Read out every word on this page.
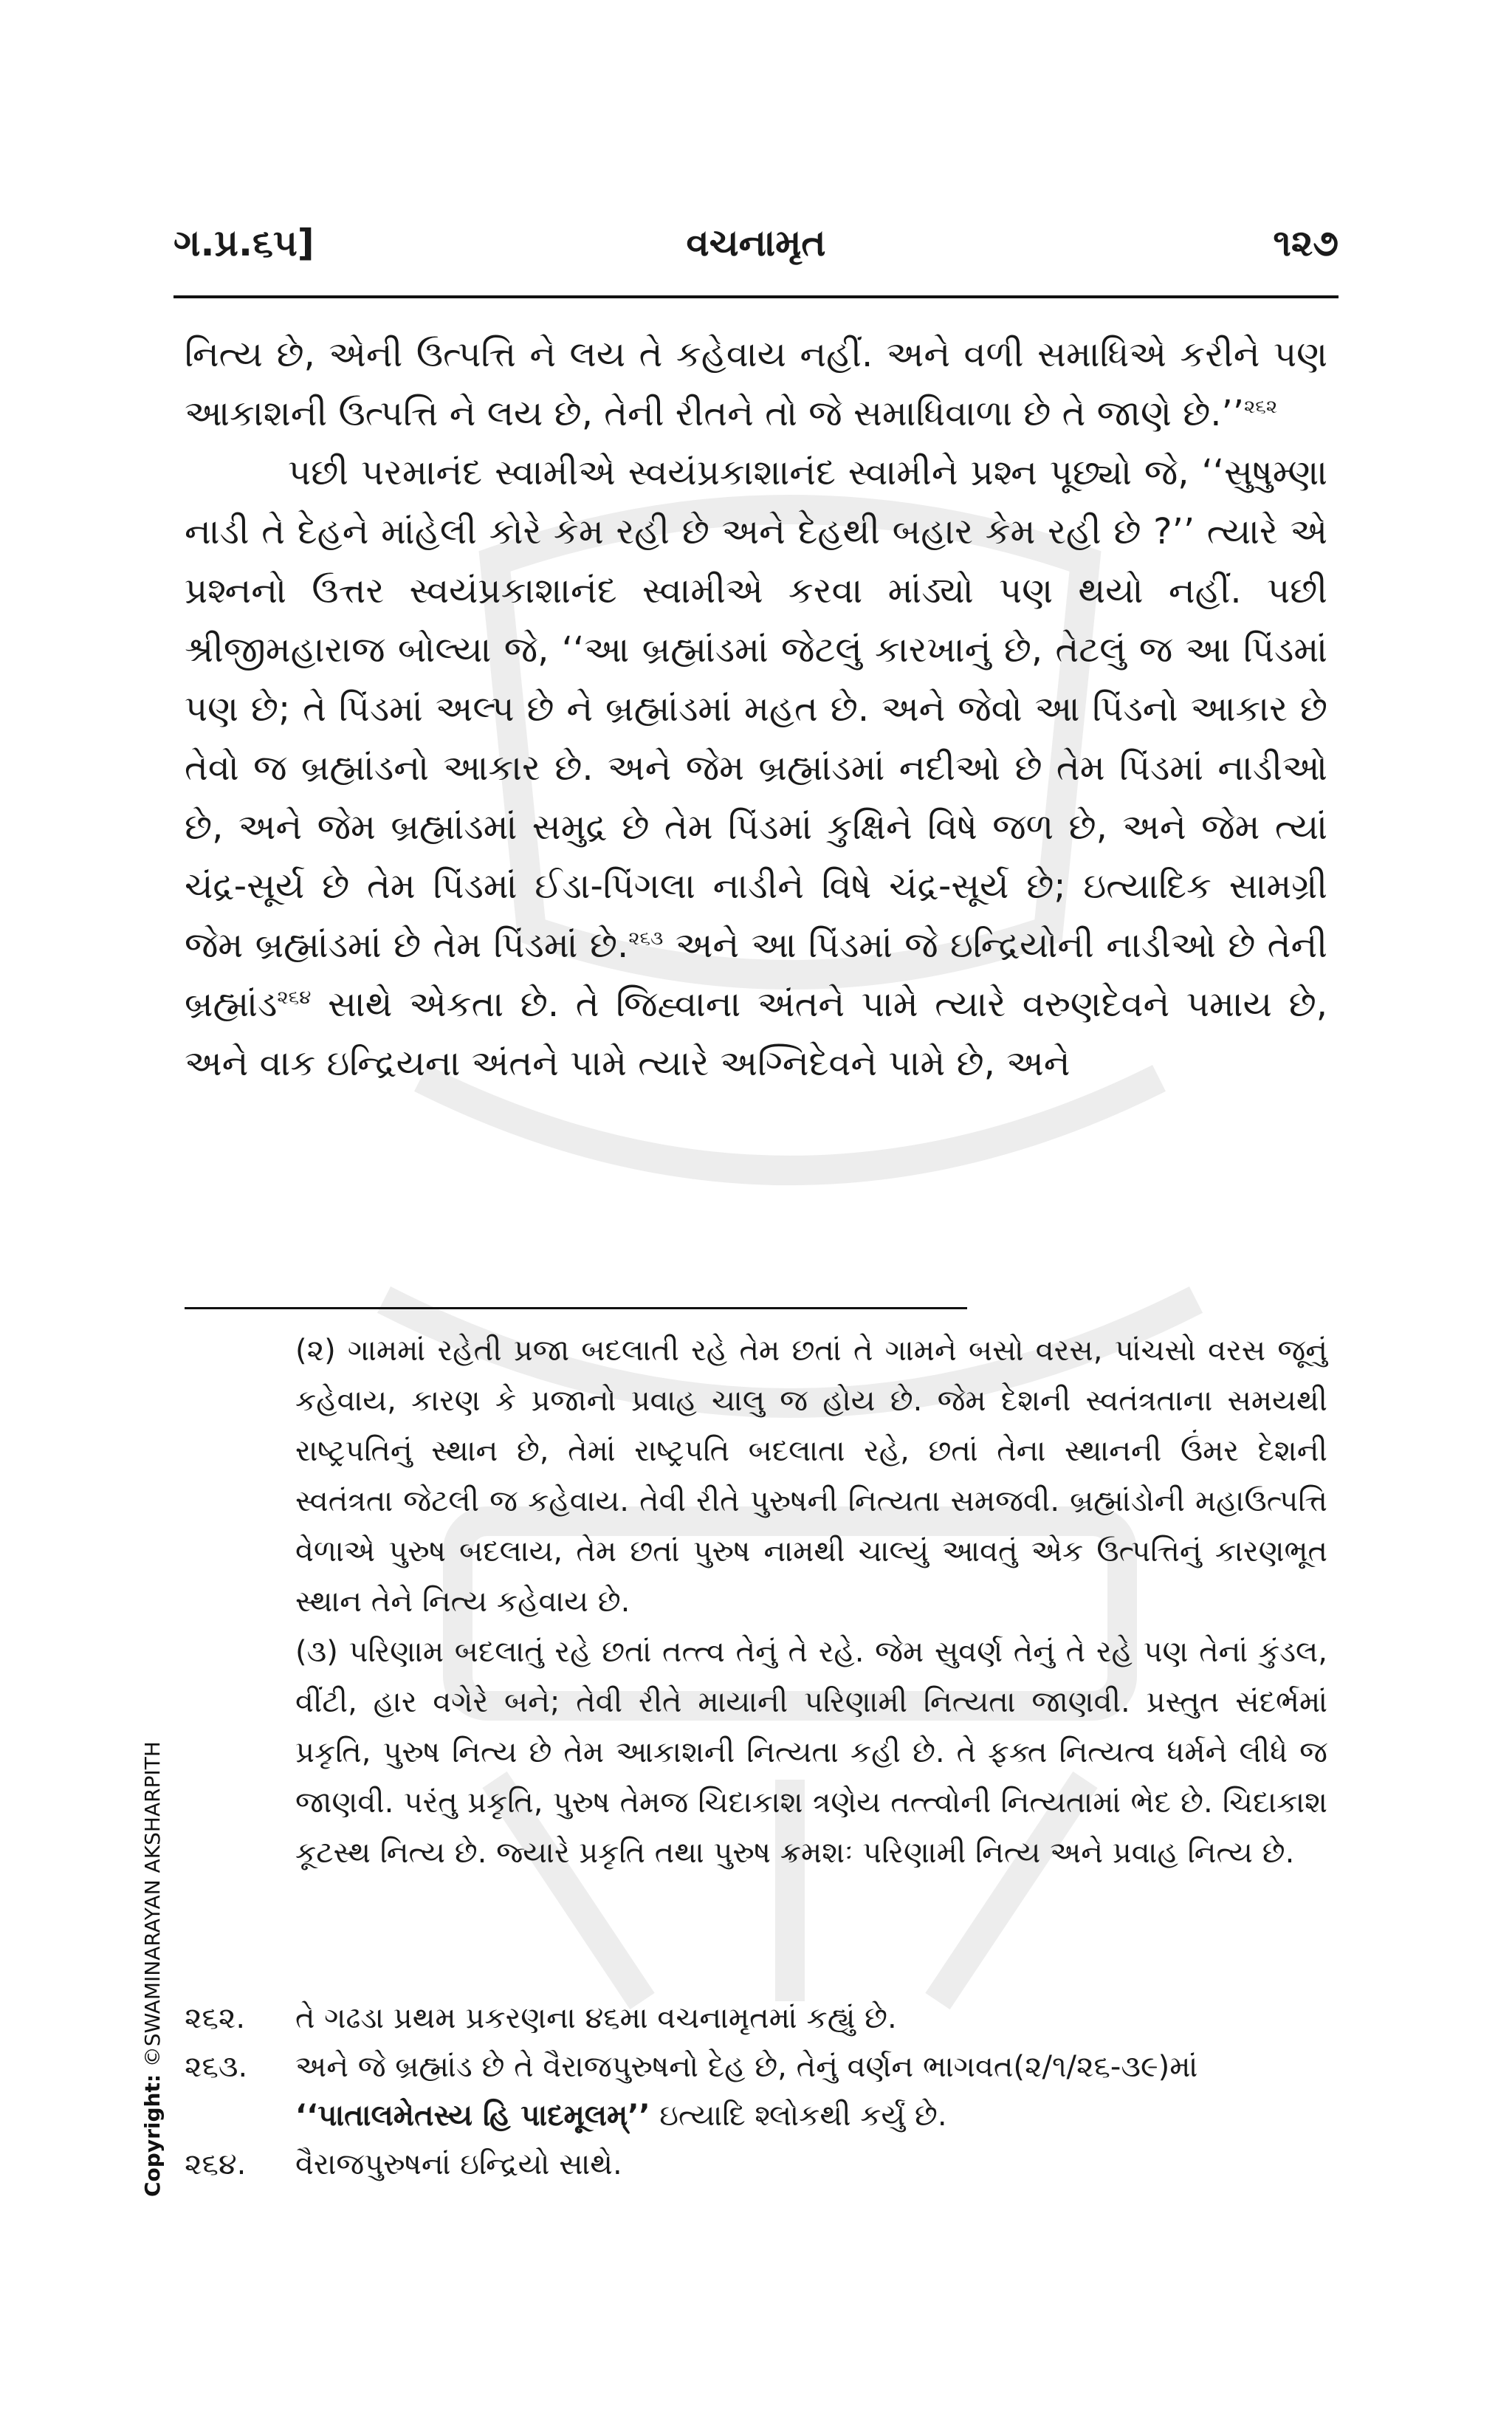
ગ.પ્ર.૬૫]	વચનામૃત	૧૨૭

નિત્ય છે, એની ઉત્પત્તિ ને લય તે કહેવાય નહીં. અને વળી સમાધિએ કરીને પણ આકાશની ઉત્પત્તિ ને લય છે, તેની રીતને તો જે સમાધિવાળા છે તે જાણે છે.’’$^{૨૬૨}$

પછી પરમાનંદ સ્વામીએ સ્વયંપ્રકાશાનંદ સ્વામીને પ્રશ્ન પૂછ્યો જે, ‘‘સુષુમ્ણા નાડી તે દેહને માંહેલી કોરે કેમ રહી છે અને દેહથી બહાર કેમ રહી છે ?’’ ત્યારે એ પ્રશ્નનો ઉત્તર સ્વયંપ્રકાશાનંદ સ્વામીએ કરવા માંડ્યો પણ થયો નહીં. પછી શ્રીજીમહારાજ બોલ્યા જે, ‘‘આ બ્રહ્માંડમાં જેટલું કારખાનું છે, તેટલું જ આ પિંડમાં પણ છે; તે પિંડમાં અલ્પ છે ને બ્રહ્માંડમાં મહત છે. અને જેવો આ પિંડનો આકાર છે તેવો જ બ્રહ્માંડનો આકાર છે. અને જેમ બ્રહ્માંડમાં નદીઓ છે તેમ પિંડમાં નાડીઓ છે, અને જેમ બ્રહ્માંડમાં સમુદ્ર છે તેમ પિંડમાં કુક્ષિને વિષે જળ છે, અને જેમ ત્યાં ચંદ્ર-સૂર્ય છે તેમ પિંડમાં ઈડા-પિંગલા નાડીને વિષે ચંદ્ર-સૂર્ય છે; ઇત્યાદિક સામગ્રી જેમ બ્રહ્માંડમાં છે તેમ પિંડમાં છે.$^{૨૬૩}$ અને આ પિંડમાં જે ઇન્દ્રિયોની નાડીઓ છે તેની બ્રહ્માંડ$^{૨૬૪}$ સાથે એકતા છે. તે જિહ્વાના અંતને પામે ત્યારે વરુણદેવને પમાય છે, અને વાક ઇન્દ્રિયના અંતને પામે ત્યારે અગ્નિદેવને પામે છે, અને

(૨) ગામમાં રહેતી પ્રજા બદલાતી રહે તેમ છતાં તે ગામને બસો વરસ, પાંચસો વરસ જૂનું કહેવાય, કારણ કે પ્રજાનો પ્રવાહ ચાલુ જ હોય છે. જેમ દેશની સ્વતંત્રતાના સમયથી રાષ્ટ્રપતિનું સ્થાન છે, તેમાં રાષ્ટ્રપતિ બદલાતા રહે, છતાં તેના સ્થાનની ઉંમર દેશની સ્વતંત્રતા જેટલી જ કહેવાય. તેવી રીતે પુરુષની નિત્યતા સમજવી. બ્રહ્માંડોની મહાઉત્પત્તિ વેળાએ પુરુષ બદલાય, તેમ છતાં પુરુષ નામથી ચાલ્યું આવતું એક ઉત્પત્તિનું કારણભૂત સ્થાન તેને નિત્ય કહેવાય છે.

(૩) પરિણામ બદલાતું રહે છતાં તત્ત્વ તેનું તે રહે. જેમ સુવર્ણ તેનું તે રહે પણ તેનાં કુંડલ, વીંટી, હાર વગેરે બને; તેવી રીતે માયાની પરિણામી નિત્યતા જાણવી. પ્રસ્તુત સંદર્ભમાં પ્રકૃતિ, પુરુષ નિત્ય છે તેમ આકાશની નિત્યતા કહી છે. તે ફક્ત નિત્યત્વ ધર્મને લીધે જ જાણવી. પરંતુ પ્રકૃતિ, પુરુષ તેમજ ચિદાકાશ ત્રણેય તત્ત્વોની નિત્યતામાં ભેદ છે. ચિદાકાશ કૂટસ્થ નિત્ય છે. જ્યારે પ્રકૃતિ તથા પુરુષ ક્રમશઃ પરિણામી નિત્ય અને પ્રવાહ નિત્ય છે.

૨૬૨.	તે ગઢડા પ્રથમ પ્રકરણના ૪૬મા વચનામૃતમાં કહ્યું છે.
૨૬૩.	અને જે બ્રહ્માંડ છે તે વૈરાજપુરુષનો દેહ છે, તેનું વર્ણન ભાગવત(૨/૧/૨૬-૩૯)માં ‘‘પાતાલમેતસ્ય હિ પાદમૂલમ્’’ ઇત્યાદિ શ્લોકથી કર્યું છે.
૨૬૪.	વૈરાજપુરુષનાં ઇન્દ્રિયો સાથે.
Copyright: ©SWAMINARAYAN AKSHARPITH
